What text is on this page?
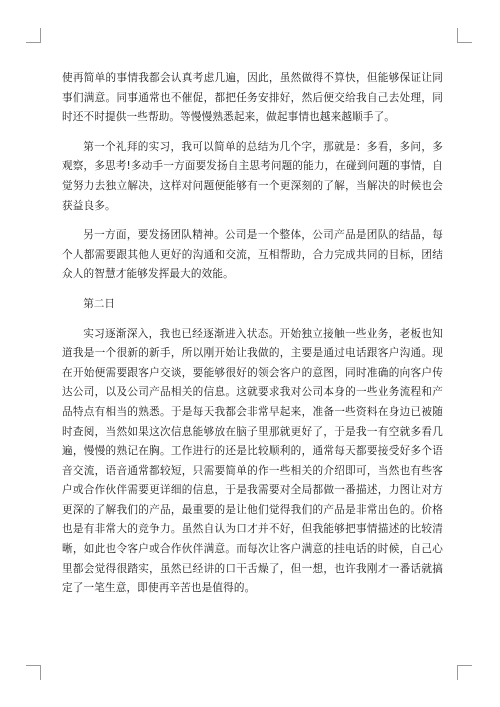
使再简单的事情我都会认真考虑几遍，因此，虽然做得不算快，但能够保证让同事们满意。同事通常也不催促，都把任务安排好，然后便交给我自己去处理，同时还不时提供一些帮助。等慢慢熟悉起来，做起事情也越来越顺手了。

第一个礼拜的实习，我可以简单的总结为几个字，那就是：多看，多问，多观察，多思考!多动手一方面要发扬自主思考问题的能力，在碰到问题的事情，自觉努力去独立解决，这样对问题便能够有一个更深刻的了解，当解决的时候也会获益良多。

另一方面，要发扬团队精神。公司是一个整体，公司产品是团队的结晶，每个人都需要跟其他人更好的沟通和交流，互相帮助，合力完成共同的目标，团结众人的智慧才能够发挥最大的效能。

第二日

实习逐渐深入，我也已经逐渐进入状态。开始独立接触一些业务，老板也知道我是一个很新的新手，所以刚开始让我做的，主要是通过电话跟客户沟通。现在开始便需要跟客户交谈，要能够很好的领会客户的意图，同时准确的向客户传达公司，以及公司产品相关的信息。这就要求我对公司本身的一些业务流程和产品特点有相当的熟悉。于是每天我都会非常早起来，准备一些资料在身边已被随时查阅，当然如果这次信息能够放在脑子里那就更好了，于是我一有空就多看几遍，慢慢的熟记在胸。工作进行的还是比较顺利的，通常每天都要接受好多个语音交流，语音通常都较短，只需要简单的作一些相关的介绍即可，当然也有些客户或合作伙伴需要更详细的信息，于是我需要对全局都做一番描述，力图让对方更深的了解我们的产品，最重要的是让他们觉得我们的产品是非常出色的。价格也是有非常大的竞争力。虽然自认为口才并不好，但我能够把事情描述的比较清晰，如此也令客户或合作伙伴满意。而每次让客户满意的挂电话的时候，自己心里都会觉得很踏实，虽然已经讲的口干舌燥了，但一想，也许我刚才一番话就搞定了一笔生意，即使再辛苦也是值得的。
